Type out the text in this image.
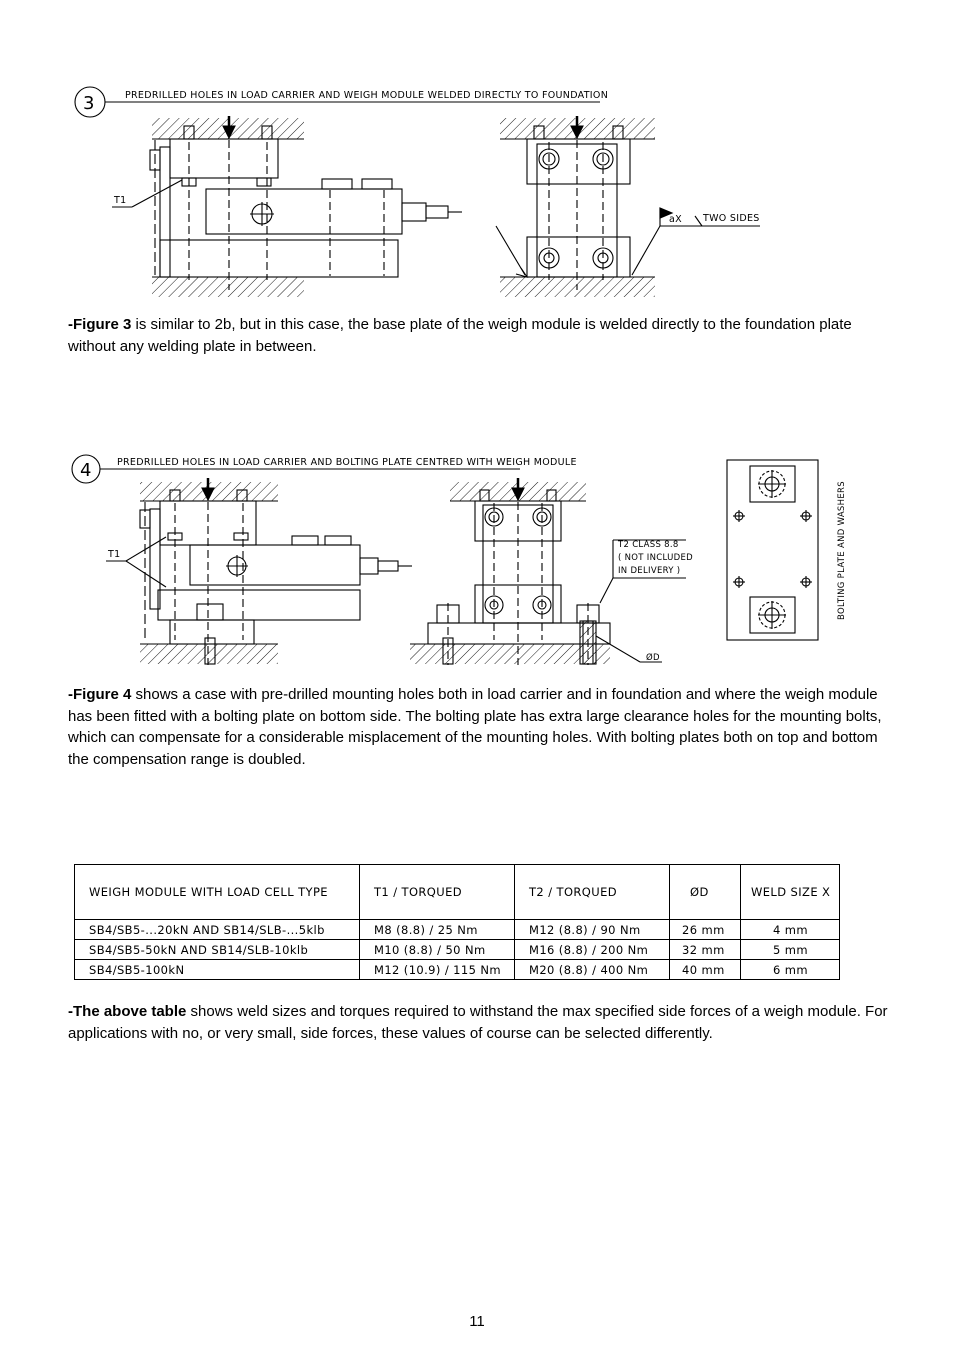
3	PREDRILLED HOLES IN LOAD CARRIER AND WEIGH MODULE WELDED DIRECTLY TO FOUNDATION
T1
aX TWO SIDES
4	PREDRILLED HOLES IN LOAD CARRIER AND BOLTING PLATE CENTRED WITH WEIGH MODULE
T1
T2 CLASS 8.8
( NOT INCLUDED
IN DELIVERY )
ØD
BOLTING PLATE AND WASHERS

-Figure 3 is similar to 2b, but in this case, the base plate of the weigh module is welded directly to the foundation plate without any welding plate in between.

-Figure 4 shows a case with pre-drilled mounting holes both in load carrier and in foundation and where the weigh module has been fitted with a bolting plate on bottom side. The bolting plate has extra large clearance holes for the mounting bolts, which can compensate for a considerable misplacement of the mounting holes. With bolting plates both on top and bottom the compensation range is doubled.

WEIGH MODULE WITH LOAD CELL TYPE	T1 / TORQUED	T2 / TORQUED	ØD	WELD SIZE X
SB4/SB5-...20kN AND SB14/SLB-...5klb	M8 (8.8) / 25 Nm	M12 (8.8) / 90 Nm	26 mm	4 mm
SB4/SB5-50kN AND SB14/SLB-10klb	M10 (8.8) / 50 Nm	M16 (8.8) / 200 Nm	32 mm	5 mm
SB4/SB5-100kN	M12 (10.9) / 115 Nm	M20 (8.8) / 400 Nm	40 mm	6 mm

-The above table shows weld sizes and torques required to withstand the max specified side forces of a weigh module. For applications with no, or very small, side forces, these values of course can be selected differently.

11
